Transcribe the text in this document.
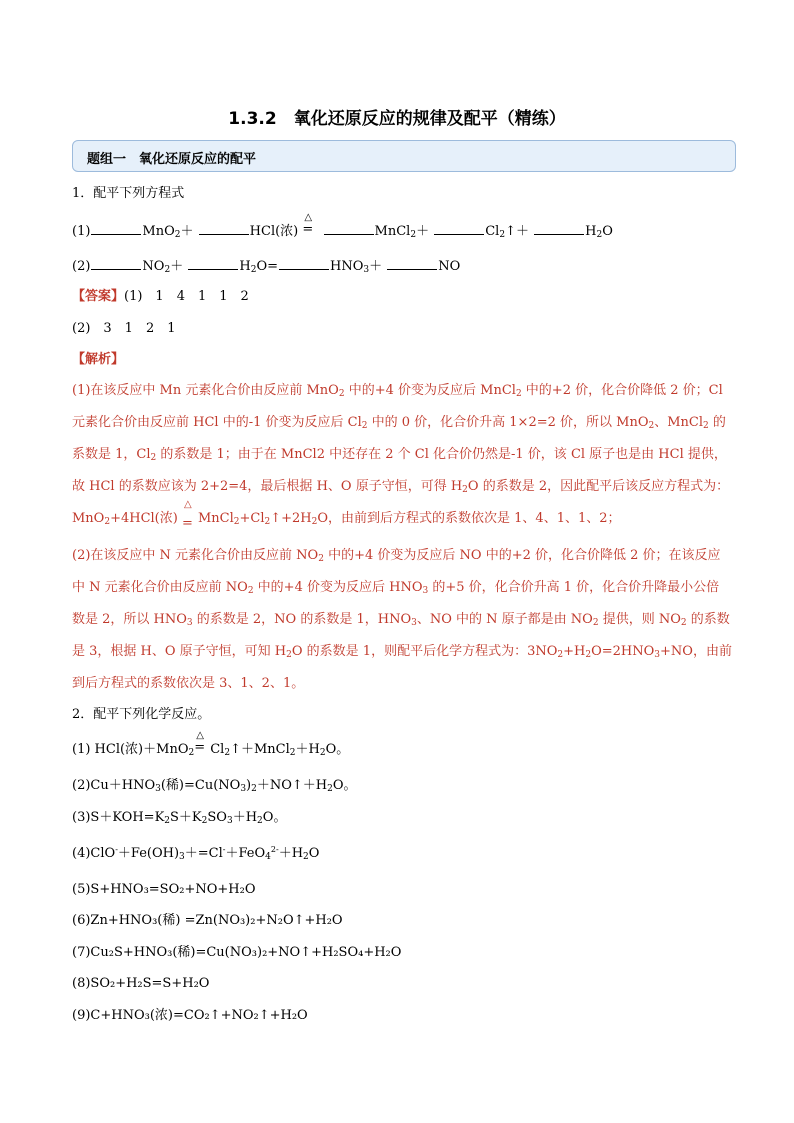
1.3.2　氧化还原反应的规律及配平（精练）
题组一　氧化还原反应的配平
1．配平下列方程式
(1)	MnO$_2$＋	HCl(浓)
△
=	MnCl$_2$＋	$Cl_2↑+$	$H_2O$
(2)	$NO_2+$	$H_2O=$	$HNO_3+$	NO
【答案】(1)　1　4　1　1　2
(2)　3　1　2　1
【解析】
(1)在该反应中 Mn 元素化合价由反应前 MnO$_2$ 中的+4 价变为反应后 MnCl$_2$ 中的+2 价，化合价降低 2 价；Cl 元素化合价由反应前 HCl 中的-1 价变为反应后 $Cl_2$ 中的 0 价，化合价升高 1×2=2 价，所以 MnO$_2$、MnCl$_2$ 的系数是 1，$Cl_2$ 的系数是 1；由于在 MnCl2 中还存在 2 个 Cl 化合价仍然是-1 价，该 Cl 原子也是由 HCl 提供，故 HCl 的系数应该为 2+2=4，最后根据 H、O 原子守恒，可得 $H_2O$ 的系数是 2，因此配平后该反应方程式为：MnO$_2$+4HCl(浓)
△
= $MnCl_2+Cl_2↑+2H_2O$，由前到后方程式的系数依次是 1、4、1、1、2；
(2)在该反应中 N 元素化合价由反应前 $NO_2$ 中的+4 价变为反应后 NO 中的+2 价，化合价降低 2 价；在该反应中 N 元素化合价由反应前 $NO_2$ 中的+4 价变为反应后 $HNO_3$ 的+5 价，化合价升高 1 价，化合价升降最小公倍数是 2，所以 $HNO_3$ 的系数是 2，NO 的系数是 1，$HNO_3$、NO 中的 N 原子都是由 $NO_2$ 提供，则 $NO_2$ 的系数是 3，根据 H、O 原子守恒，可知 $H_2O$ 的系数是 1，则配平后化学方程式为：$3NO_2+H_2O=2HNO_3+NO$，由前到后方程式的系数依次是 3、1、2、1。
2．配平下列化学反应。
(1) HCl(浓)＋MnO$_2$
△
= $Cl_2↑+MnCl_2+H_2O$。
$(2)Cu+HNO_3$(稀)$=Cu(NO_3)_2+NO↑+H_2O$。
$(3)S+KOH=K_2S+K_2SO_3+H_2O$。
$(4)ClO^-+Fe(OH)_3+=Cl^-+FeO_4^{2-}+H_2O$
(5)S+HNO₃=SO₂+NO+H₂O
(6)Zn+HNO₃(稀) =Zn(NO₃)₂+N₂O↑+H₂O
(7)Cu₂S+HNO₃(稀)=Cu(NO₃)₂+NO↑+H₂SO₄+H₂O
(8)SO₂+H₂S=S+H₂O
(9)C+HNO₃(浓)=CO₂↑+NO₂↑+H₂O
